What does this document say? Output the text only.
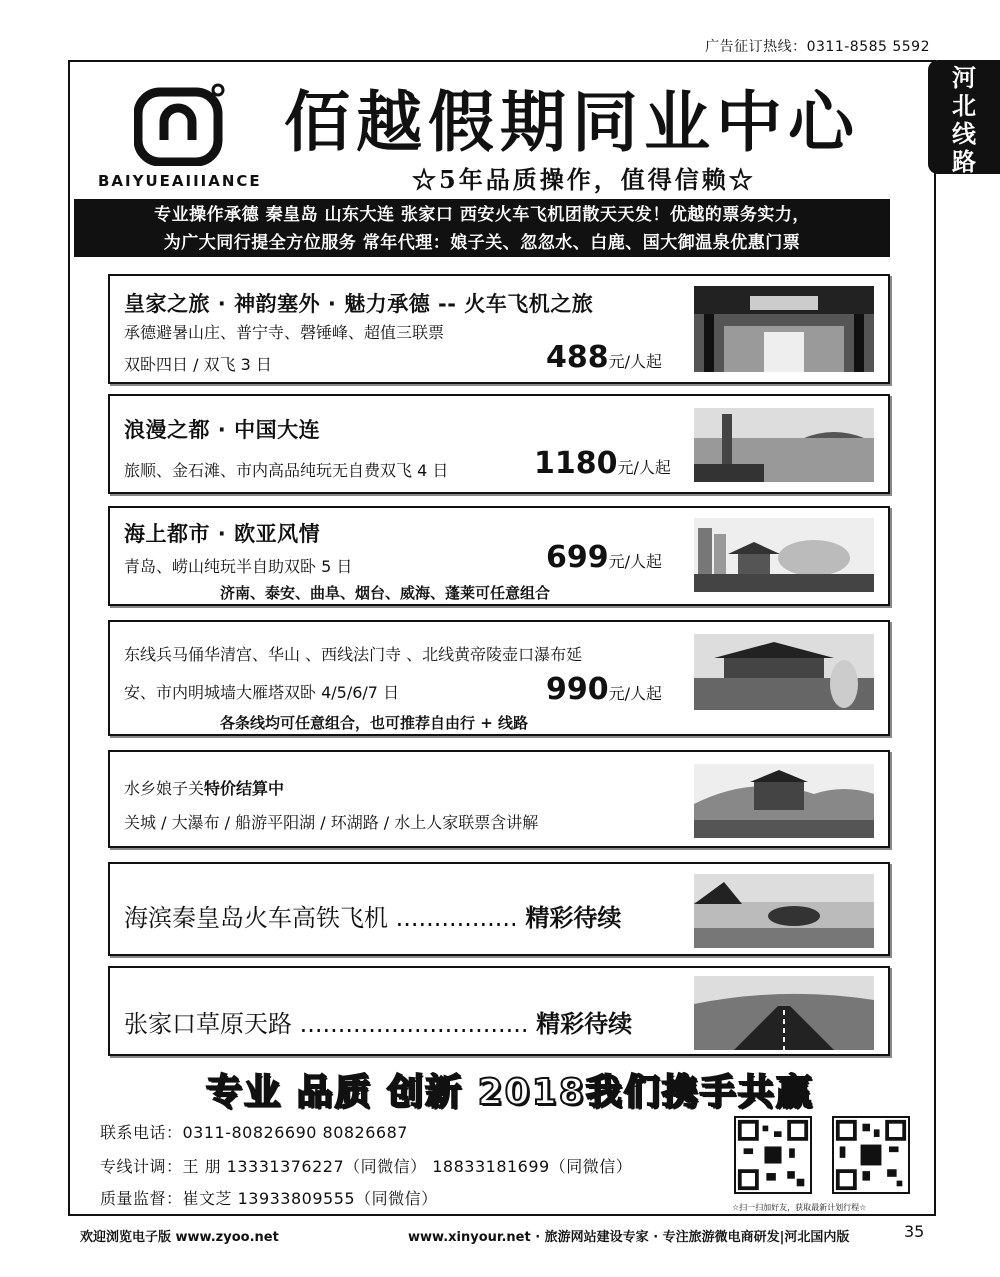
广告征订热线：0311-8585 5592
河
北
线
路
BAIYUEAIIIANCE
佰越假期同业中心
☆5年品质操作，值得信赖☆
专业操作承德 秦皇岛 山东大连 张家口 西安火车飞机团散天天发！优越的票务实力，
为广大同行提全方位服务 常年代理：娘子关、忽忽水、白鹿、国大御温泉优惠门票
皇家之旅 · 神韵塞外 · 魅力承德 -- 火车飞机之旅
承德避暑山庄、普宁寺、磬锤峰、超值三联票
双卧四日 / 双飞 3 日	488元/人起
浪漫之都 · 中国大连
旅顺、金石滩、市内高品纯玩无自费双飞 4 日	1180元/人起
海上都市 · 欧亚风情
青岛、崂山纯玩半自助双卧 5 日	699元/人起
济南、泰安、曲阜、烟台、威海、蓬莱可任意组合
东线兵马俑华清宫、华山 、西线法门寺 、北线黄帝陵壶口瀑布延
安、市内明城墙大雁塔双卧 4/5/6/7 日	990元/人起
各条线均可任意组合，也可推荐自由行 + 线路
水乡娘子关特价结算中
关城 / 大瀑布 / 船游平阳湖 / 环湖路 / 水上人家联票含讲解
海滨秦皇岛火车高铁飞机 ................ 精彩待续
张家口草原天路 .............................. 精彩待续
专业 品质 创新 2018我们携手共赢
联系电话：0311-80826690 80826687
专线计调：王 朋 13331376227（同微信） 18833181699（同微信）
质量监督：崔文芝 13933809555（同微信）	☆扫一扫加好友，获取最新计划行程☆
欢迎浏览电子版 www.zyoo.net	www.xinyour.net · 旅游网站建设专家 · 专注旅游微电商研发|河北国内版	35
